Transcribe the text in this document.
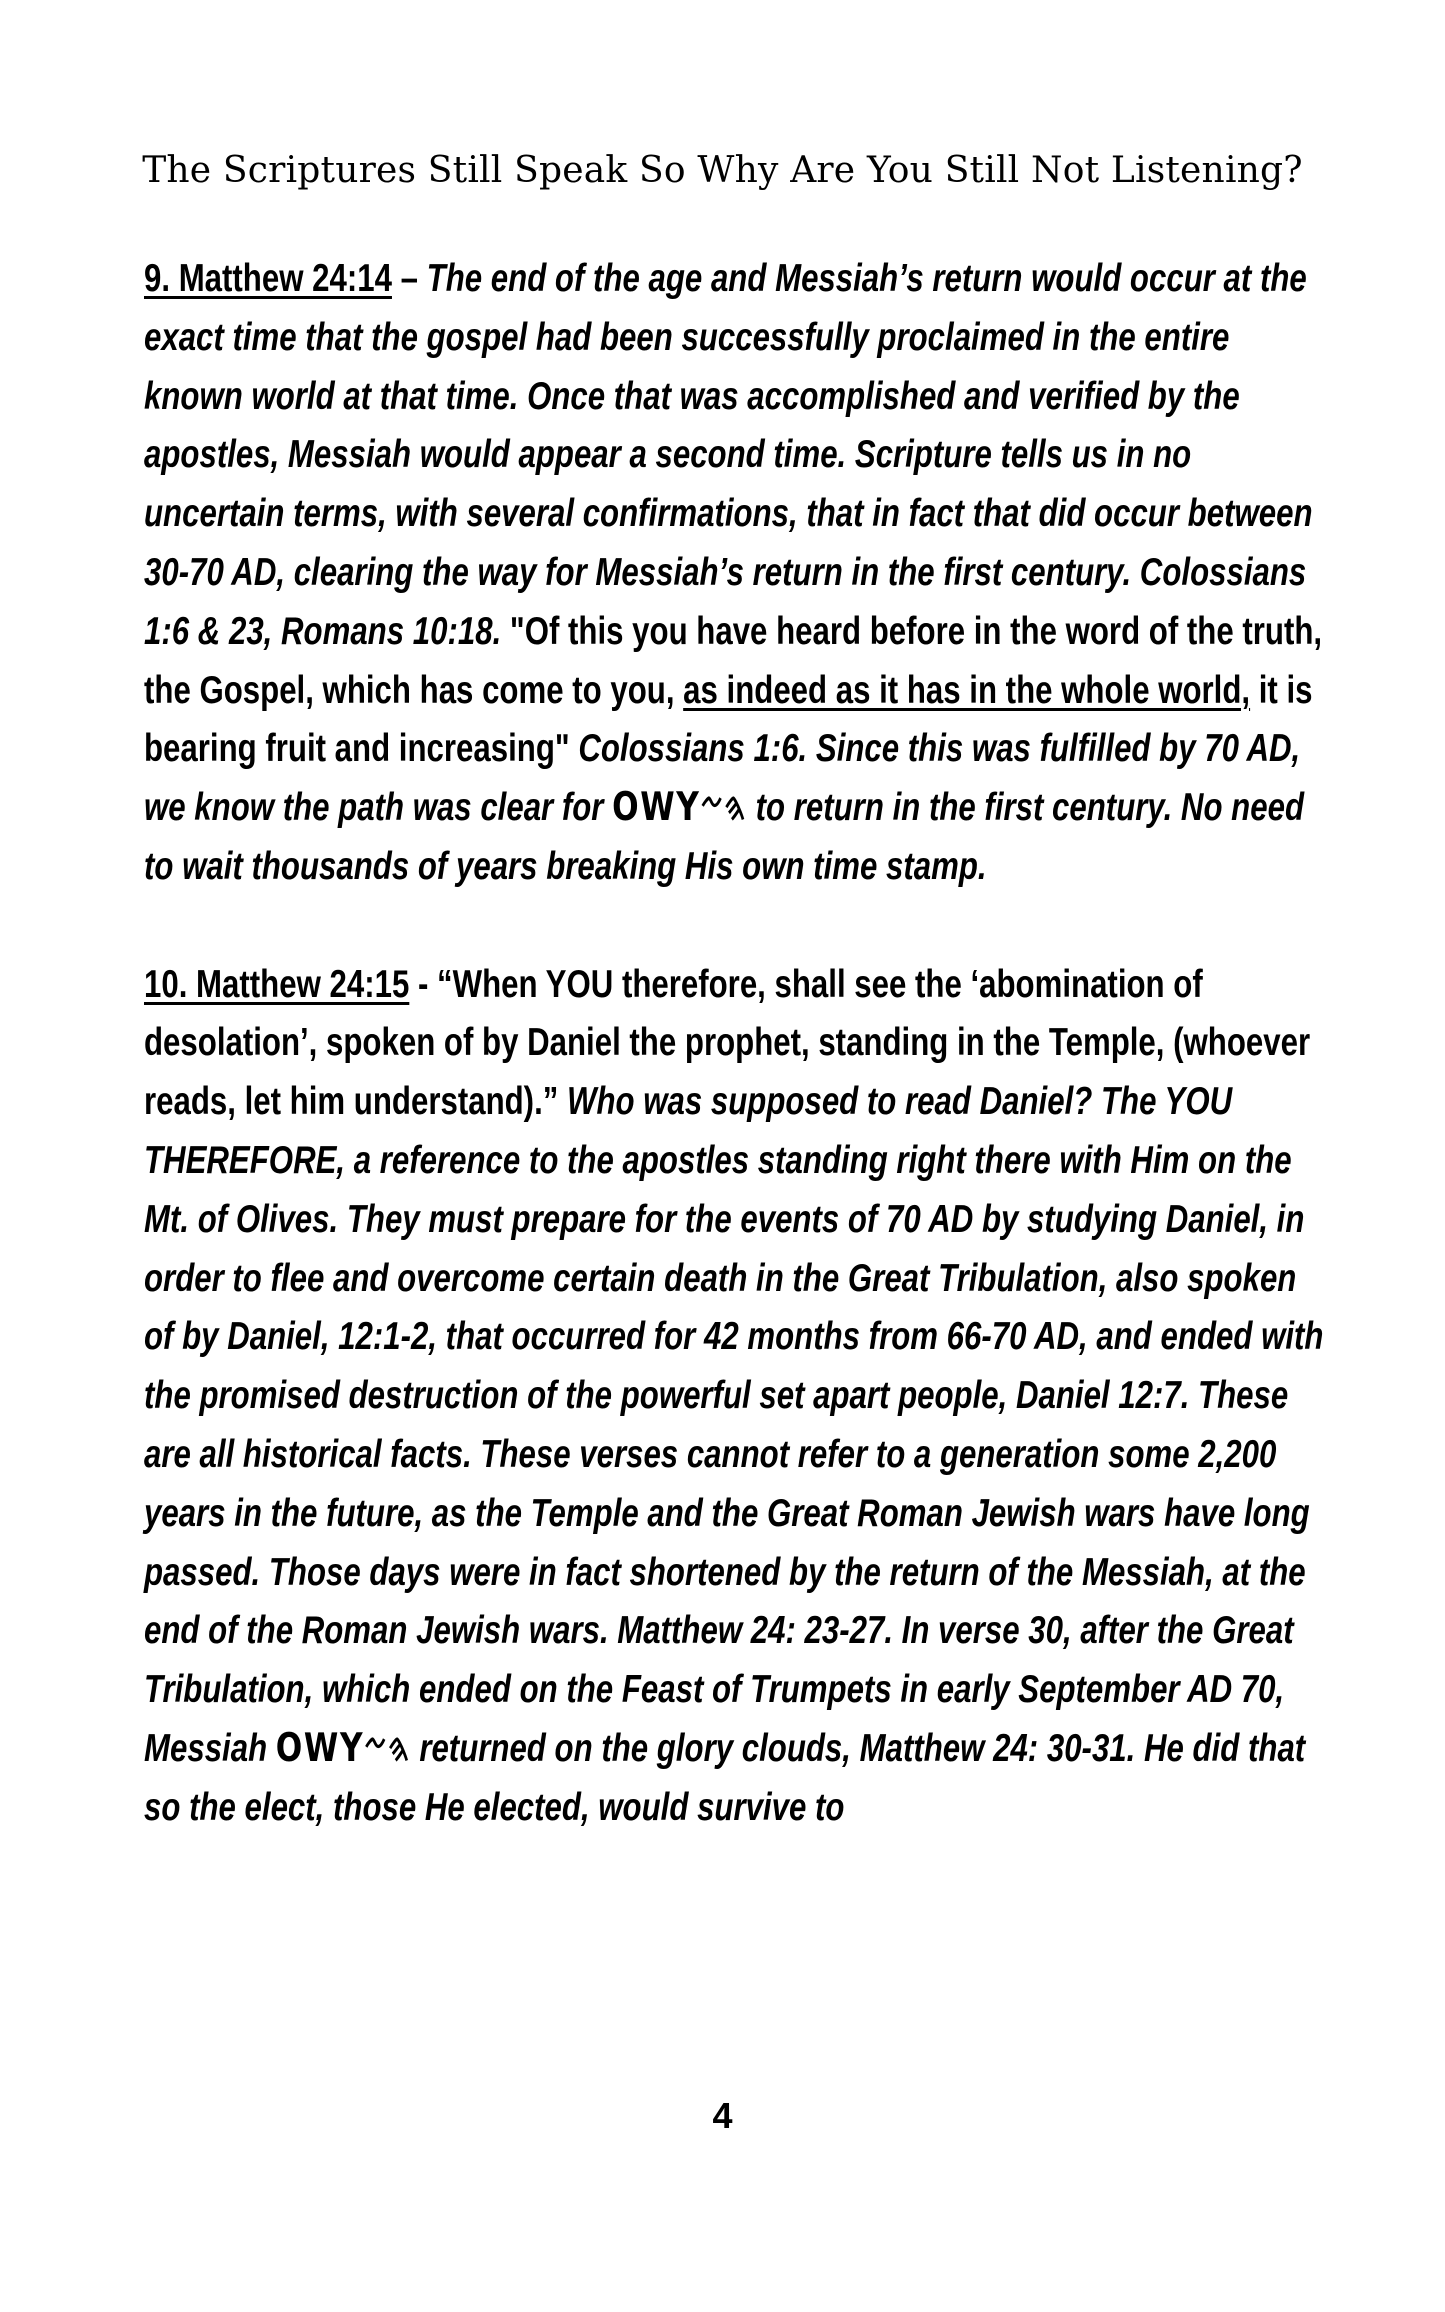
The Scriptures Still Speak So Why Are You Still Not Listening?

9. Matthew 24:14 – The end of the age and Messiah’s return would occur at the exact time that the gospel had been successfully proclaimed in the entire known world at that time. Once that was accomplished and verified by the apostles, Messiah would appear a second time. Scripture tells us in no uncertain terms, with several confirmations, that in fact that did occur between 30-70 AD, clearing the way for Messiah’s return in the first century. Colossians 1:6 & 23, Romans 10:18. "Of this you have heard before in the word of the truth, the Gospel, which has come to you, as indeed as it has in the whole world, it is bearing fruit and increasing" Colossians 1:6. Since this was fulfilled by 70 AD, we know the path was clear for OWY𐤄𐤆 to return in the first century. No need to wait thousands of years breaking His own time stamp.

10. Matthew 24:15 - “When YOU therefore, shall see the ‘abomination of desolation’, spoken of by Daniel the prophet, standing in the Temple, (whoever reads, let him understand).” Who was supposed to read Daniel? The YOU THEREFORE, a reference to the apostles standing right there with Him on the Mt. of Olives. They must prepare for the events of 70 AD by studying Daniel, in order to flee and overcome certain death in the Great Tribulation, also spoken of by Daniel, 12:1-2, that occurred for 42 months from 66-70 AD, and ended with the promised destruction of the powerful set apart people, Daniel 12:7. These are all historical facts. These verses cannot refer to a generation some 2,200 years in the future, as the Temple and the Great Roman Jewish wars have long passed. Those days were in fact shortened by the return of the Messiah, at the end of the Roman Jewish wars. Matthew 24: 23-27. In verse 30, after the Great Tribulation, which ended on the Feast of Trumpets in early September AD 70, Messiah OWY𐤄𐤆 returned on the glory clouds, Matthew 24: 30-31. He did that so the elect, those He elected, would survive to

4
